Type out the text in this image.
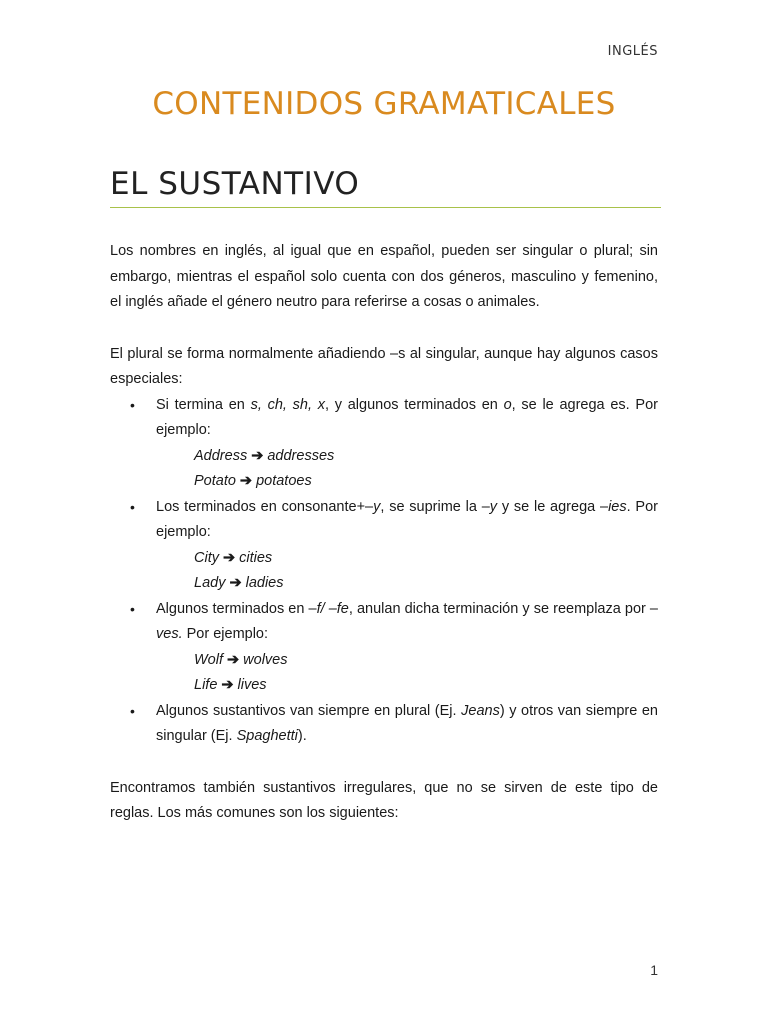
INGLÉS
CONTENIDOS GRAMATICALES
EL SUSTANTIVO

Los nombres en inglés, al igual que en español, pueden ser singular o plural; sin embargo, mientras el español solo cuenta con dos géneros, masculino y femenino, el inglés añade el género neutro para referirse a cosas o animales.

El plural se forma normalmente añadiendo –s al singular, aunque hay algunos casos especiales:

• Si termina en s, ch, sh, x, y algunos terminados en o, se le agrega es. Por ejemplo:
Address ➔ addresses
Potato ➔ potatoes
• Los terminados en consonante+–y, se suprime la –y y se le agrega –ies. Por ejemplo:
City ➔ cities
Lady ➔ ladies
• Algunos terminados en –f/ –fe, anulan dicha terminación y se reemplaza por –ves. Por ejemplo:
Wolf ➔ wolves
Life ➔ lives
• Algunos sustantivos van siempre en plural (Ej. Jeans) y otros van siempre en singular (Ej. Spaghetti).

Encontramos también sustantivos irregulares, que no se sirven de este tipo de reglas. Los más comunes son los siguientes:

1
